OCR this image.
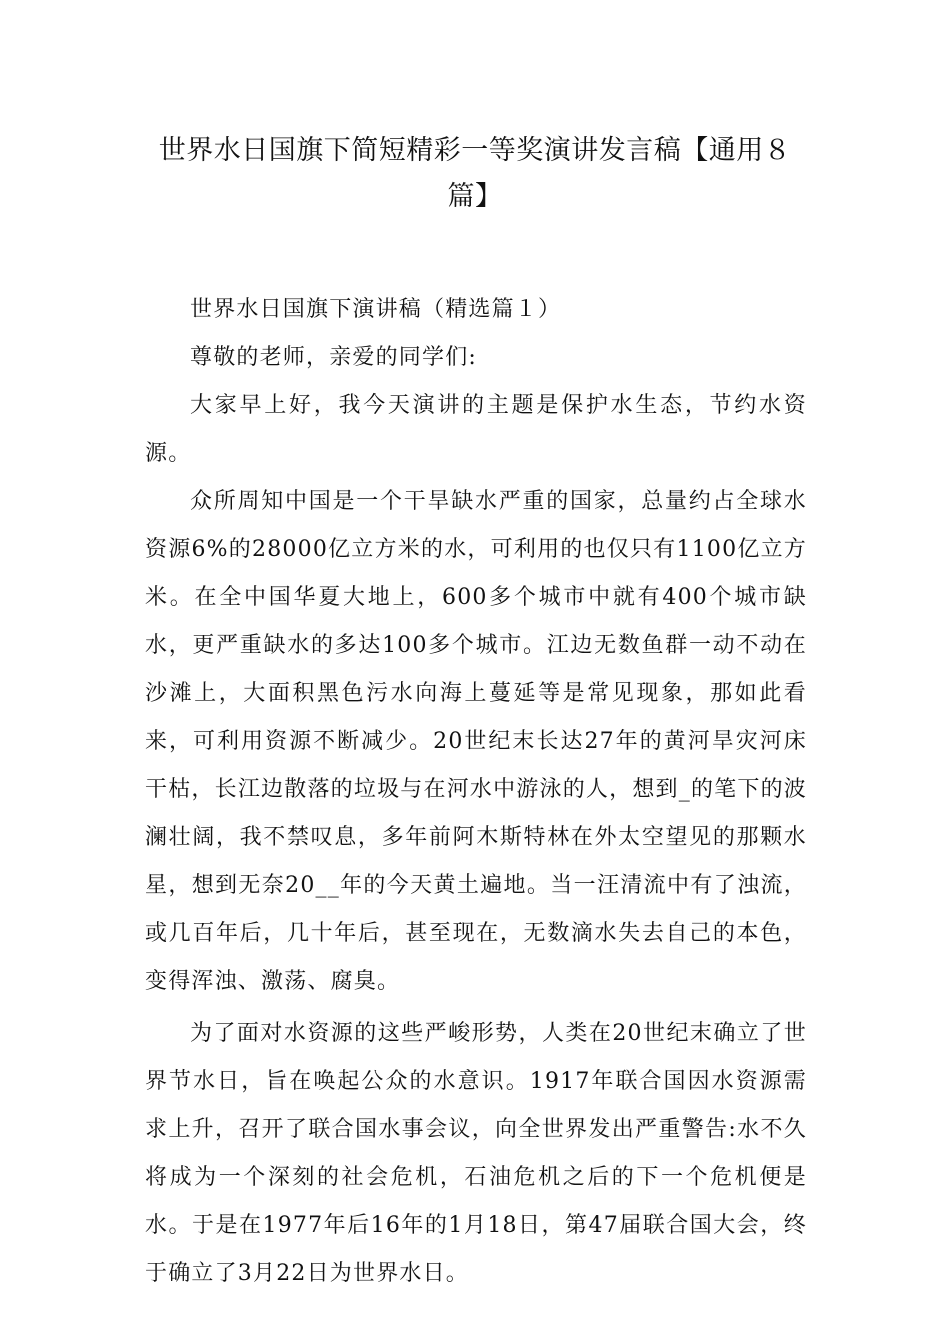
世界水日国旗下简短精彩一等奖演讲发言稿【通用８篇】

世界水日国旗下演讲稿（精选篇１）

尊敬的老师，亲爱的同学们:

大家早上好，我今天演讲的主题是保护水生态，节约水资源。

众所周知中国是一个干旱缺水严重的国家，总量约占全球水资源6%的28000亿立方米的水，可利用的也仅只有1100亿立方米。在全中国华夏大地上，600多个城市中就有400个城市缺水，更严重缺水的多达100多个城市。江边无数鱼群一动不动在沙滩上，大面积黑色污水向海上蔓延等是常见现象，那如此看来，可利用资源不断减少。20世纪末长达27年的黄河旱灾河床干枯，长江边散落的垃圾与在河水中游泳的人，想到_的笔下的波澜壮阔，我不禁叹息，多年前阿木斯特林在外太空望见的那颗水星，想到无奈20__年的今天黄土遍地。当一汪清流中有了浊流，或几百年后，几十年后，甚至现在，无数滴水失去自己的本色，变得浑浊、激荡、腐臭。

为了面对水资源的这些严峻形势，人类在20世纪末确立了世界节水日，旨在唤起公众的水意识。1917年联合国因水资源需求上升，召开了联合国水事会议，向全世界发出严重警告:水不久将成为一个深刻的社会危机，石油危机之后的下一个危机便是水。于是在1977年后16年的1月18日，第47届联合国大会，终于确立了3月22日为世界水日。
